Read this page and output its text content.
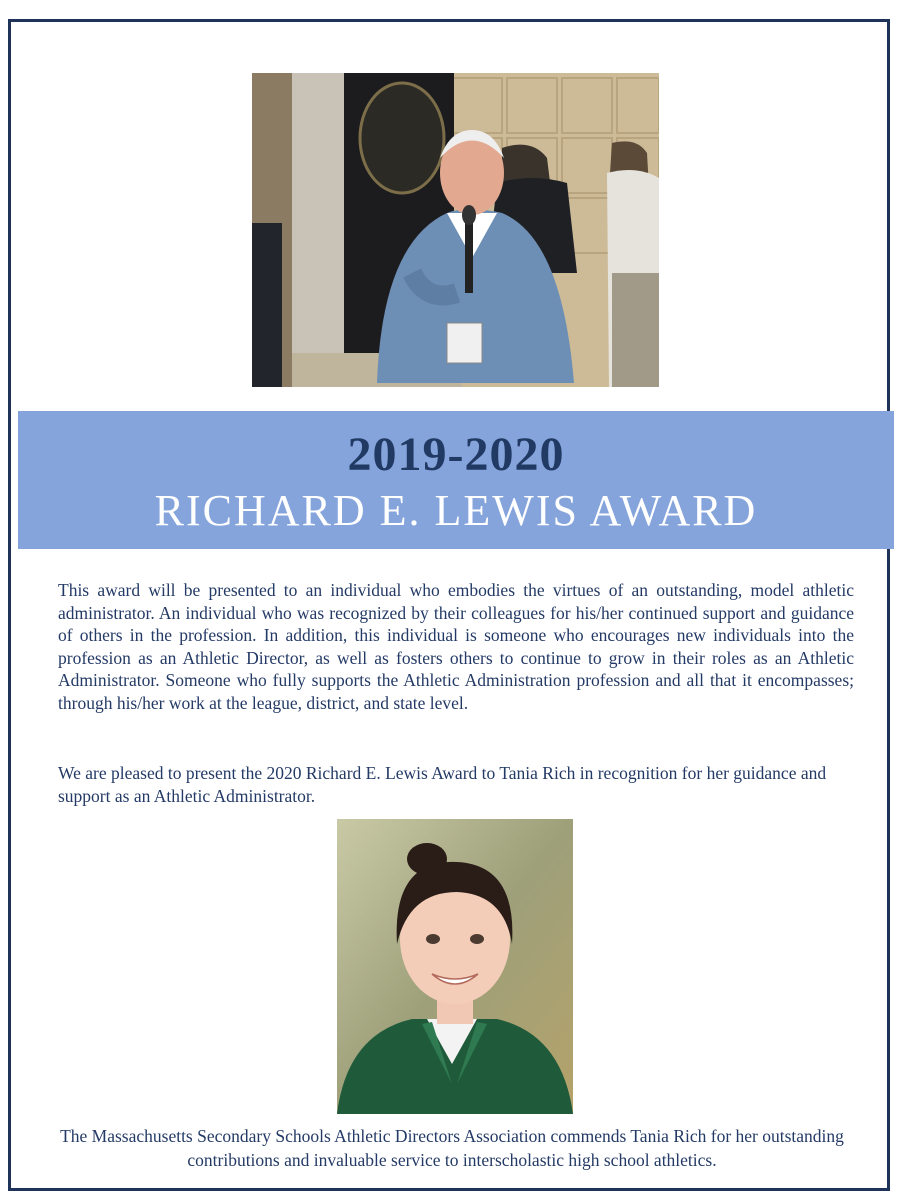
2019-2020
RICHARD E. LEWIS AWARD
This award will be presented to an individual who embodies the virtues of an outstanding, model athletic administrator. An individual who was recognized by their colleagues for his/her continued support and guidance of others in the profession. In addition, this individual is someone who encourages new individuals into the profession as an Athletic Director, as well as fosters others to continue to grow in their roles as an Athletic Administrator. Someone who fully supports the Athletic Administration profession and all that it encompasses; through his/her work at the league, district, and state level.
We are pleased to present the 2020 Richard E. Lewis Award to Tania Rich in recognition for her guidance and support as an Athletic Administrator.
The Massachusetts Secondary Schools Athletic Directors Association commends Tania Rich for her outstanding contributions and invaluable service to interscholastic high school athletics.
